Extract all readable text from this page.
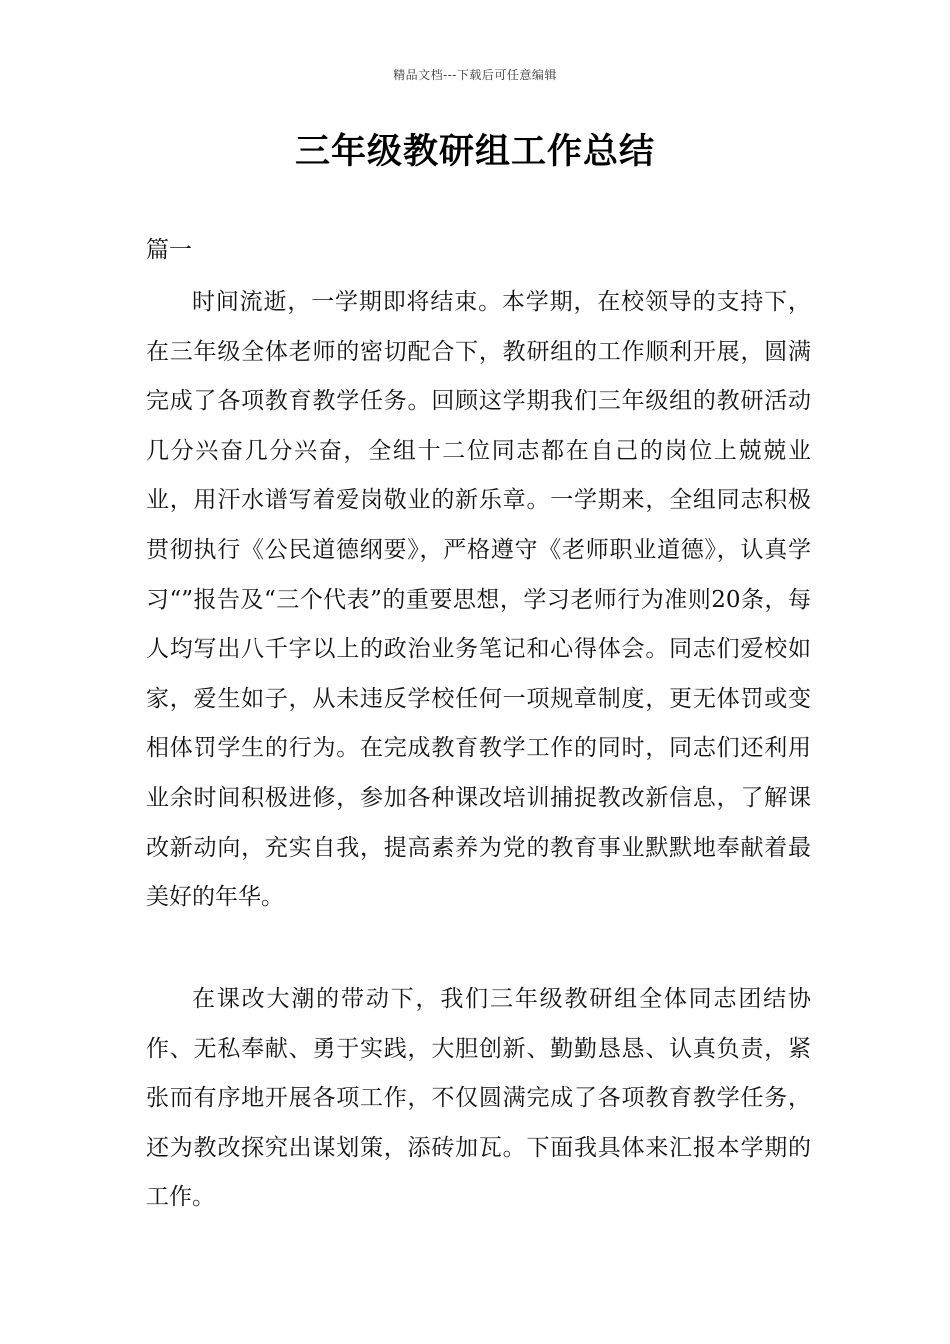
精品文档---下载后可任意编辑
三年级教研组工作总结
篇一

时间流逝，一学期即将结束。本学期，在校领导的支持下，在三年级全体老师的密切配合下，教研组的工作顺利开展，圆满完成了各项教育教学任务。回顾这学期我们三年级组的教研活动几分兴奋几分兴奋，全组十二位同志都在自己的岗位上兢兢业业，用汗水谱写着爱岗敬业的新乐章。一学期来，全组同志积极贯彻执行《公民道德纲要》，严格遵守《老师职业道德》，认真学习“”报告及“三个代表”的重要思想，学习老师行为准则20条，每人均写出八千字以上的政治业务笔记和心得体会。同志们爱校如家，爱生如子，从未违反学校任何一项规章制度，更无体罚或变相体罚学生的行为。在完成教育教学工作的同时，同志们还利用业余时间积极进修，参加各种课改培训捕捉教改新信息，了解课改新动向，充实自我，提高素养为党的教育事业默默地奉献着最美好的年华。

在课改大潮的带动下，我们三年级教研组全体同志团结协作、无私奉献、勇于实践，大胆创新、勤勤恳恳、认真负责，紧张而有序地开展各项工作，不仅圆满完成了各项教育教学任务，还为教改探究出谋划策，添砖加瓦。下面我具体来汇报本学期的工作。
